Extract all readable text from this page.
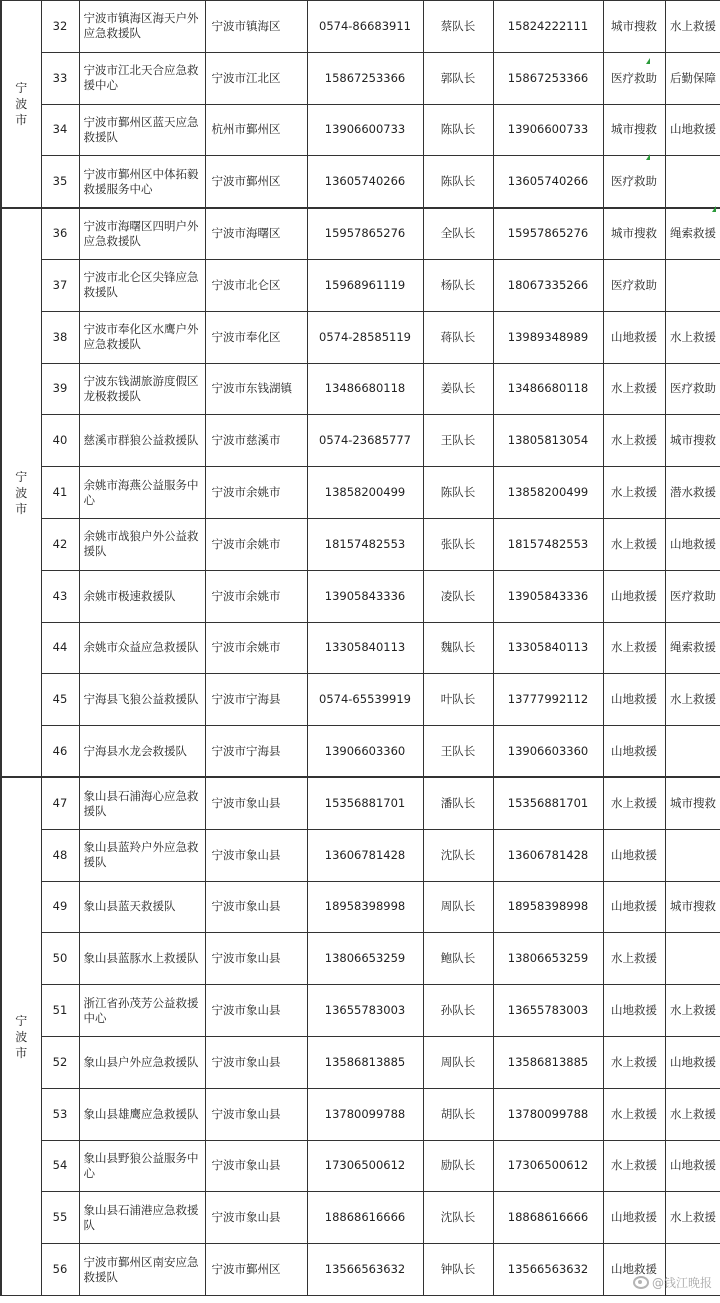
宁波市	32	宁波市镇海区海天户外应急救援队	宁波市镇海区	0574-86683911	蔡队长	15824222111	城市搜救	水上救援
	33	宁波市江北天合应急救援中心	宁波市江北区	15867253366	郭队长	15867253366	医疗救助	后勤保障
	34	宁波市鄞州区蓝天应急救援队	杭州市鄞州区	13906600733	陈队长	13906600733	城市搜救	山地救援
	35	宁波市鄞州区中体拓毅救援服务中心	宁波市鄞州区	13605740266	陈队长	13605740266	医疗救助	

宁波市	36	宁波市海曙区四明户外应急救援队	宁波市海曙区	15957865276	全队长	15957865276	城市搜救	绳索救援
	37	宁波市北仑区尖锋应急救援队	宁波市北仑区	15968961119	杨队长	18067335266	医疗救助	
	38	宁波市奉化区水鹰户外应急救援队	宁波市奉化区	0574-28585119	蒋队长	13989348989	山地救援	水上救援
	39	宁波东钱湖旅游度假区龙极救援队	宁波市东钱湖镇	13486680118	姜队长	13486680118	水上救援	医疗救助
	40	慈溪市群狼公益救援队	宁波市慈溪市	0574-23685777	王队长	13805813054	水上救援	城市搜救
	41	余姚市海燕公益服务中心	宁波市余姚市	13858200499	陈队长	13858200499	水上救援	潜水救援
	42	余姚市战狼户外公益救援队	宁波市余姚市	18157482553	张队长	18157482553	水上救援	山地救援
	43	余姚市极速救援队	宁波市余姚市	13905843336	凌队长	13905843336	山地救援	医疗救助
	44	余姚市众益应急救援队	宁波市余姚市	13305840113	魏队长	13305840113	水上救援	绳索救援
	45	宁海县飞狼公益救援队	宁波市宁海县	0574-65539919	叶队长	13777992112	山地救援	水上救援
	46	宁海县水龙会救援队	宁波市宁海县	13906603360	王队长	13906603360	山地救援	

宁波市	47	象山县石浦海心应急救援队	宁波市象山县	15356881701	潘队长	15356881701	水上救援	城市搜救
	48	象山县蓝羚户外应急救援队	宁波市象山县	13606781428	沈队长	13606781428	山地救援	
	49	象山县蓝天救援队	宁波市象山县	18958398998	周队长	18958398998	山地救援	城市搜救
	50	象山县蓝豚水上救援队	宁波市象山县	13806653259	鲍队长	13806653259	水上救援	
	51	浙江省孙茂芳公益救援中心	宁波市象山县	13655783003	孙队长	13655783003	山地救援	水上救援
	52	象山县户外应急救援队	宁波市象山县	13586813885	周队长	13586813885	水上救援	山地救援
	53	象山县雄鹰应急救援队	宁波市象山县	13780099788	胡队长	13780099788	水上救援	水上救援
	54	象山县野狼公益服务中心	宁波市象山县	17306500612	励队长	17306500612	水上救援	山地救援
	55	象山县石浦港应急救援队	宁波市象山县	18868616666	沈队长	18868616666	山地救援	水上救援
	56	宁波市鄞州区南安应急救援队	宁波市鄞州区	13566563632	钟队长	13566563632	山地救援	
@钱江晚报
